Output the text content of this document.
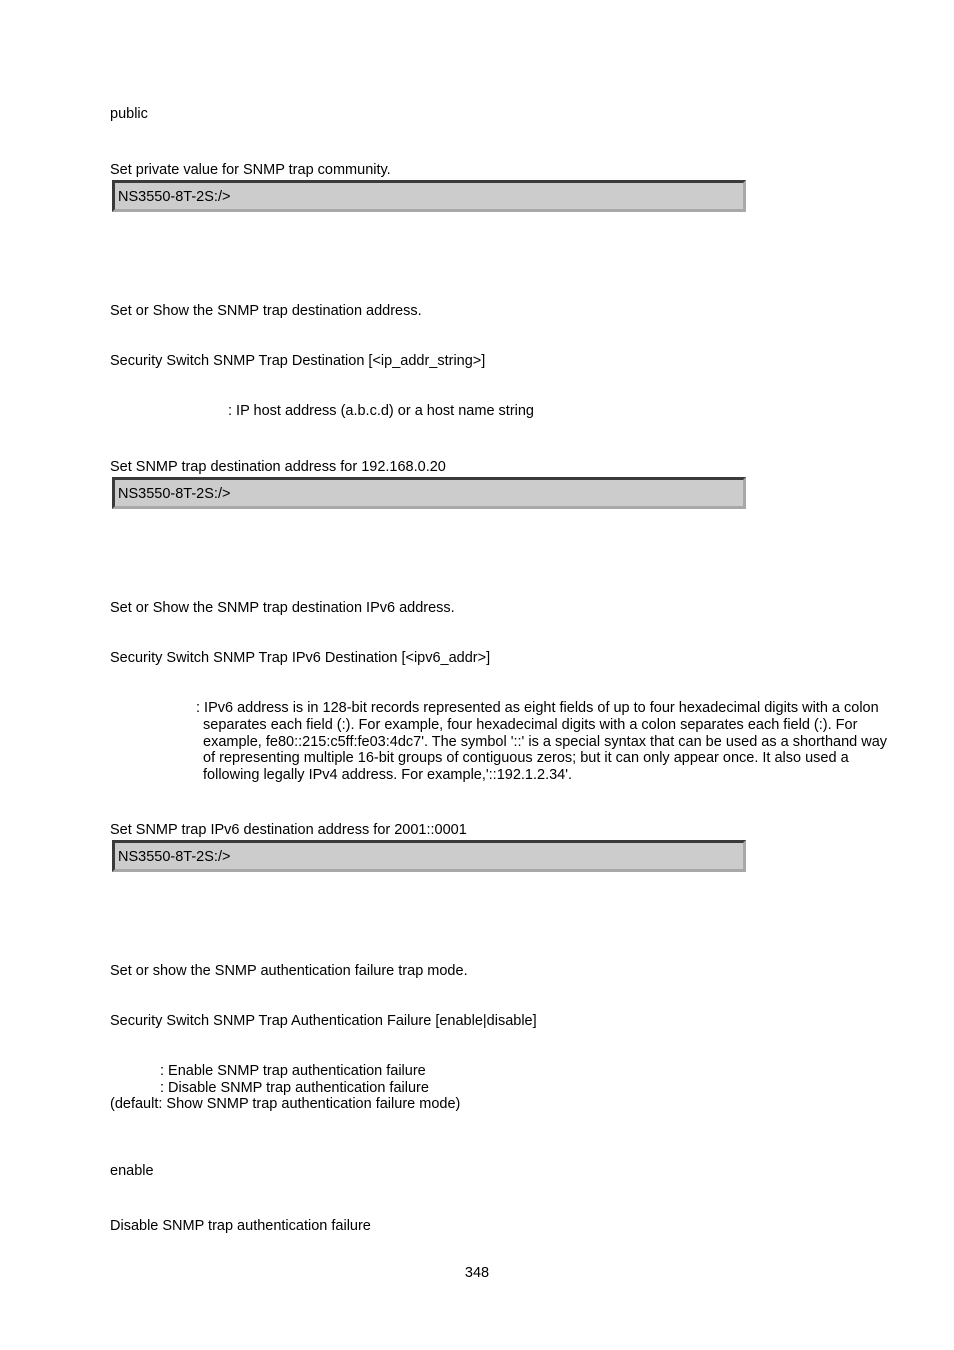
public
Set private value for SNMP trap community.
NS3550-8T-2S:/>
Set or Show the SNMP trap destination address.
Security Switch SNMP Trap Destination [<ip_addr_string>]
: IP host address (a.b.c.d) or a host name string
Set SNMP trap destination address for 192.168.0.20
NS3550-8T-2S:/>
Set or Show the SNMP trap destination IPv6 address.
Security Switch SNMP Trap IPv6 Destination [<ipv6_addr>]
: IPv6 address is in 128-bit records represented as eight fields of up to four hexadecimal digits with a colon
separates each field (:). For example, four hexadecimal digits with a colon separates each field (:). For
example, fe80::215:c5ff:fe03:4dc7'. The symbol '::' is a special syntax that can be used as a shorthand way
of representing multiple 16-bit groups of contiguous zeros; but it can only appear once. It also used a
following legally IPv4 address. For example,'::192.1.2.34'.
Set SNMP trap IPv6 destination address for 2001::0001
NS3550-8T-2S:/>
Set or show the SNMP authentication failure trap mode.
Security Switch SNMP Trap Authentication Failure [enable|disable]
: Enable SNMP trap authentication failure
: Disable SNMP trap authentication failure
(default: Show SNMP trap authentication failure mode)
enable
Disable SNMP trap authentication failure
348
